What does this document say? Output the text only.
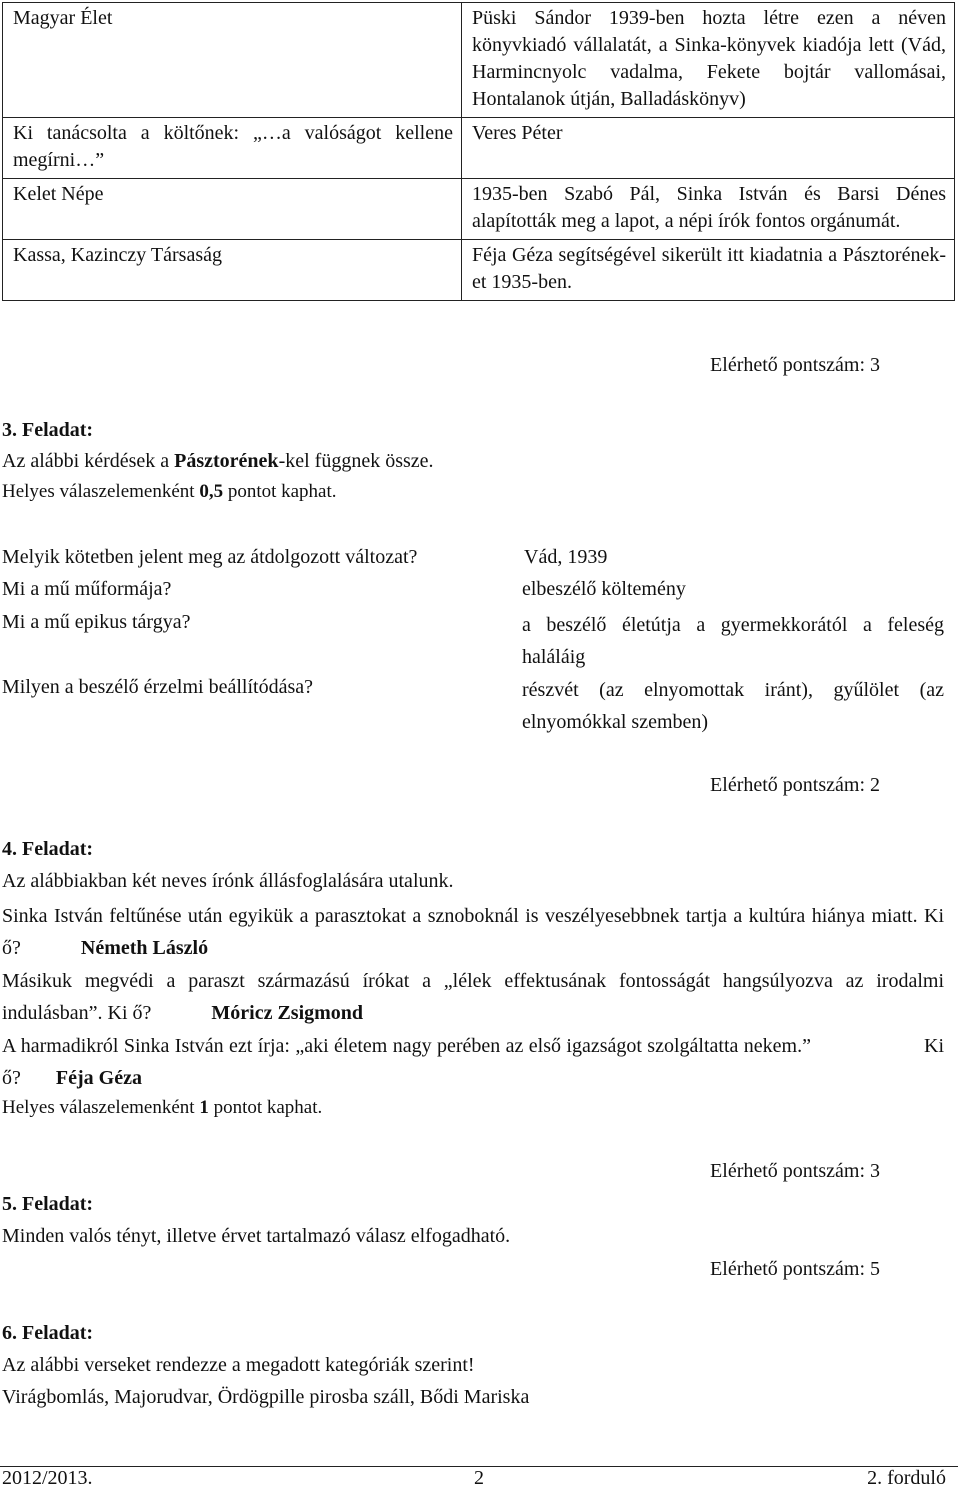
Magyar Élet	Püski Sándor 1939-ben hozta létre ezen a néven könyvkiadó vállalatát, a Sinka-könyvek kiadója lett (Vád, Harmincnyolc vadalma, Fekete bojtár vallomásai, Hontalanok útján, Balladáskönyv)
Ki tanácsolta a költőnek: „…a valóságot kellene megírni…”	Veres Péter
Kelet Népe	1935-ben Szabó Pál, Sinka István és Barsi Dénes alapították meg a lapot, a népi írók fontos orgánumát.
Kassa, Kazinczy Társaság	Féja Géza segítségével sikerült itt kiadatnia a Pásztorének-et 1935-ben.
Elérhető pontszám: 3
3. Feladat:
Az alábbi kérdések a Pásztorének-kel függnek össze.
Helyes válaszelemenként 0,5 pontot kaphat.
Melyik kötetben jelent meg az átdolgozott változat?	Vád, 1939
Mi a mű műformája?	elbeszélő költemény
Mi a mű epikus tárgya?	a beszélő életútja a gyermekkorától a feleség haláláig
Milyen a beszélő érzelmi beállítódása?	részvét (az elnyomottak iránt), gyűlölet (az elnyomókkal szemben)
Elérhető pontszám: 2
4. Feladat:
Az alábbiakban két neves írónk állásfoglalására utalunk.
Sinka István feltűnése után egyikük a parasztokat a sznoboknál is veszélyesebbnek tartja a kultúra hiánya miatt. Ki ő?	Németh László
Másikuk megvédi a paraszt származású írókat a „lélek effektusának fontosságát hangsúlyozva az irodalmi indulásban”. Ki ő?	Móricz Zsigmond
A harmadikról Sinka István ezt írja: „aki életem nagy perében az első igazságot szolgáltatta nekem.”	Ki ő? Féja Géza
Helyes válaszelemenként 1 pontot kaphat.
Elérhető pontszám: 3
5. Feladat:
Minden valós tényt, illetve érvet tartalmazó válasz elfogadható.
Elérhető pontszám: 5
6. Feladat:
Az alábbi verseket rendezze a megadott kategóriák szerint!
Virágbomlás, Majorudvar, Ördögpille pirosba száll, Bődi Mariska
2012/2013.	2	2. forduló
